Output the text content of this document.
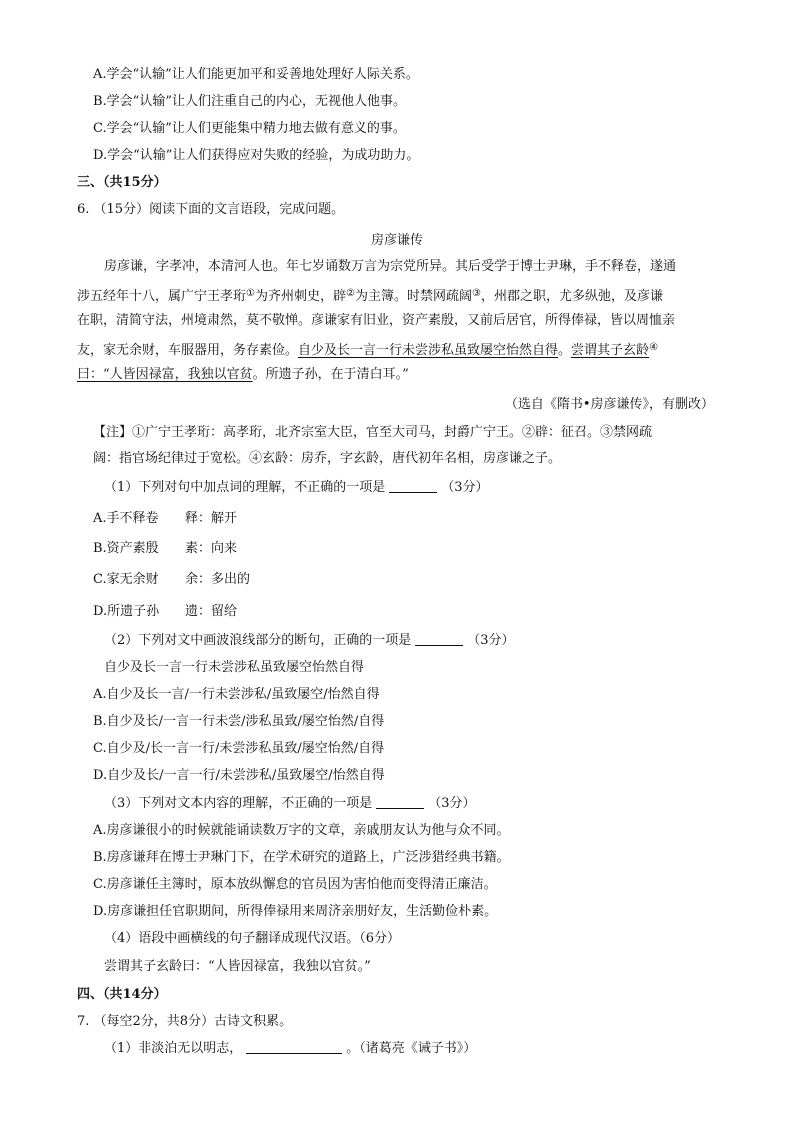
A.学会“认输”让人们能更加平和妥善地处理好人际关系。
B.学会“认输”让人们注重自己的内心，无视他人他事。
C.学会“认输”让人们更能集中精力地去做有意义的事。
D.学会“认输”让人们获得应对失败的经验，为成功助力。
三、（共15分）
6. （15分）阅读下面的文言语段，完成问题。
房彦谦传
房彦谦，字孝冲，本清河人也。年七岁诵数万言为宗党所异。其后受学于博士尹琳，手不释卷，遂通
涉五经年十八，属广宁王孝珩①为齐州刺史，辟②为主簿。时禁网疏阔③，州郡之职，尤多纵弛，及彦谦
在职，清简守法，州境肃然，莫不敬惮。彦谦家有旧业，资产素殷，又前后居官，所得俸禄，皆以周恤亲
友，家无余财，车服器用，务存素俭。自少及长一言一行未尝涉私虽致屡空怡然自得。尝谓其子玄龄④
曰：“人皆因禄富，我独以官贫。所遗子孙，在于清白耳。”
（选自《隋书•房彦谦传》，有删改）
【注】①广宁王孝珩：高孝珩，北齐宗室大臣，官至大司马，封爵广宁王。②辟：征召。③禁网疏
阔：指官场纪律过于宽松。④玄龄：房乔，字玄龄，唐代初年名相，房彦谦之子。
（1）下列对句中加点词的理解，不正确的一项是	（3分）
A.手不释卷 释：解开
B.资产素殷 素：向来
C.家无余财 余：多出的
D.所遗子孙 遗：留给
（2）下列对文中画波浪线部分的断句，正确的一项是	（3分）
自少及长一言一行未尝涉私虽致屡空怡然自得
A.自少及长一言/一行未尝涉私/虽致屡空/怡然自得
B.自少及长/一言一行未尝/涉私虽致/屡空怡然/自得
C.自少及/长一言一行/未尝涉私虽致/屡空怡然/自得
D.自少及长/一言一行/未尝涉私/虽致屡空/怡然自得
（3）下列对文本内容的理解，不正确的一项是	（3分）
A.房彦谦很小的时候就能诵读数万字的文章，亲戚朋友认为他与众不同。
B.房彦谦拜在博士尹琳门下，在学术研究的道路上，广泛涉猎经典书籍。
C.房彦谦任主簿时，原本放纵懈怠的官员因为害怕他而变得清正廉洁。
D.房彦谦担任官职期间，所得俸禄用来周济亲朋好友，生活勤俭朴素。
（4）语段中画横线的句子翻译成现代汉语。（6分）
尝谓其子玄龄曰：“人皆因禄富，我独以官贫。”
四、（共14分）
7. （每空2分，共8分）古诗文积累。
（1）非淡泊无以明志，	。（诸葛亮《诫子书》）
